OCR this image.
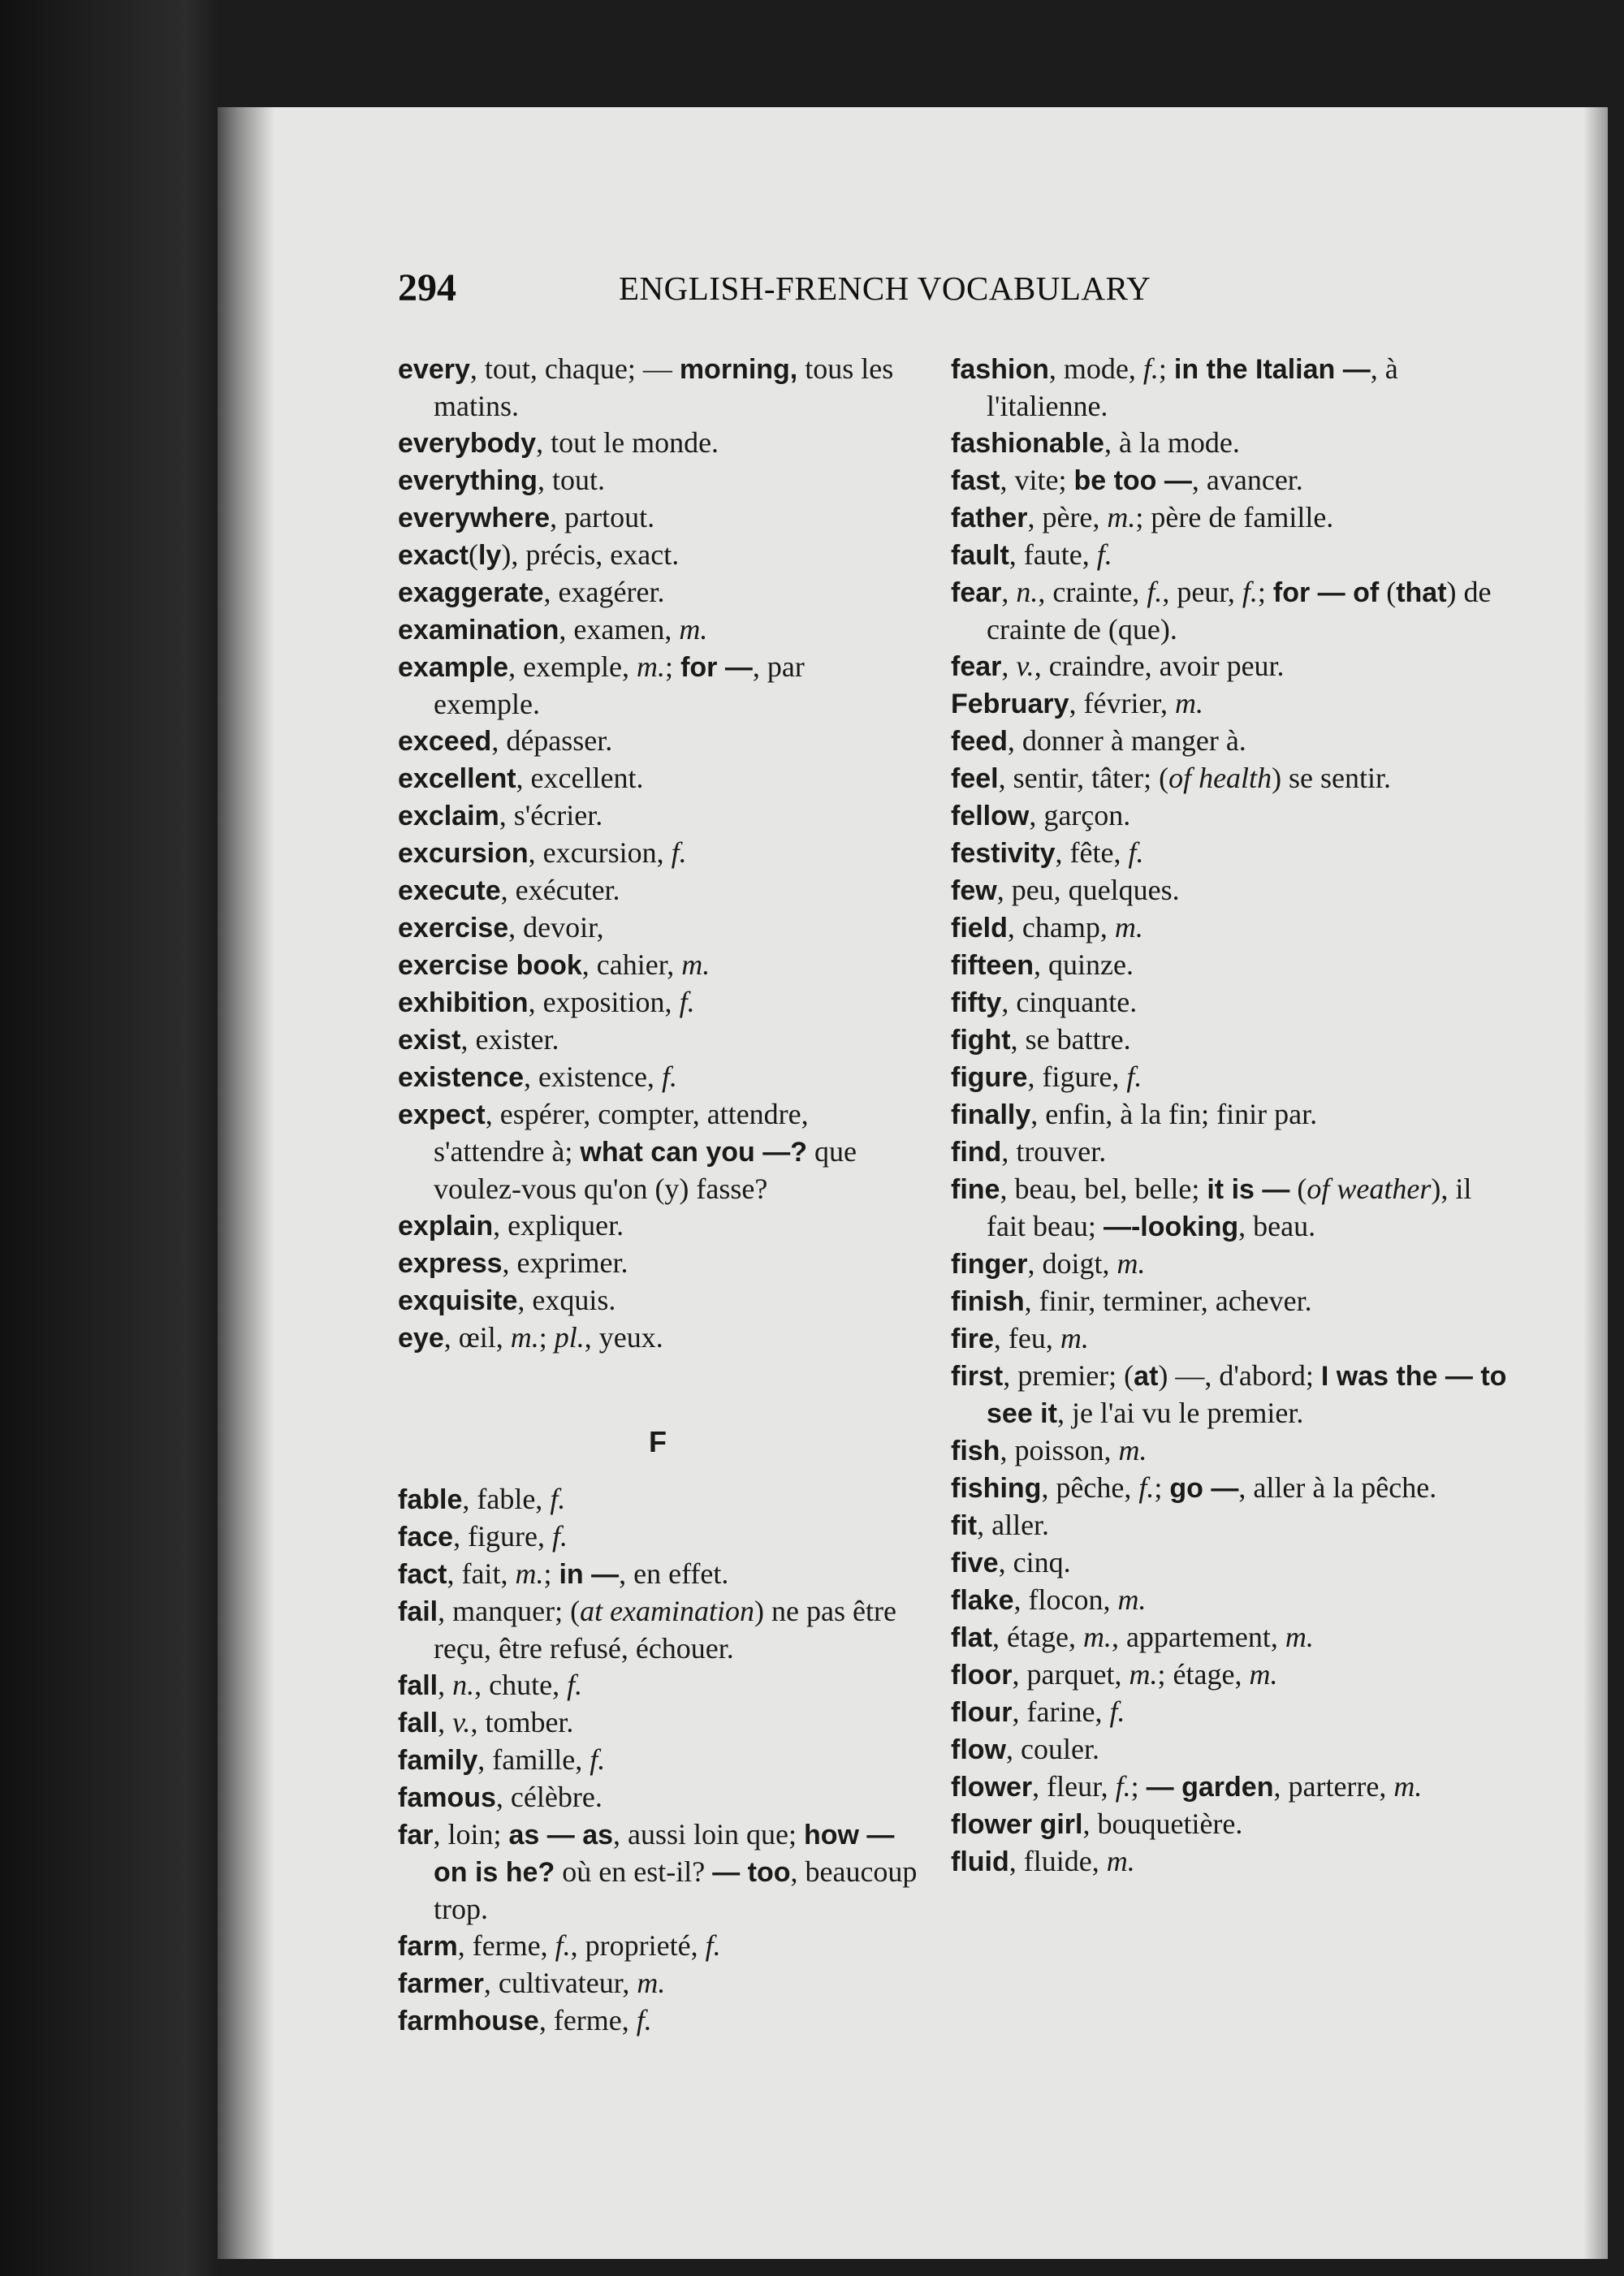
294	ENGLISH-FRENCH VOCABULARY
every, tout, chaque; — morning, tous les matins.
everybody, tout le monde.
everything, tout.
everywhere, partout.
exact(ly), précis, exact.
exaggerate, exagérer.
examination, examen, m.
example, exemple, m.; for —, par exemple.
exceed, dépasser.
excellent, excellent.
exclaim, s'écrier.
excursion, excursion, f.
execute, exécuter.
exercise, devoir,
exercise book, cahier, m.
exhibition, exposition, f.
exist, exister.
existence, existence, f.
expect, espérer, compter, attendre, s'attendre à; what can you —? que voulez-vous qu'on (y) fasse?
explain, expliquer.
express, exprimer.
exquisite, exquis.
eye, œil, m.; pl., yeux.
F
fable, fable, f.
face, figure, f.
fact, fait, m.; in —, en effet.
fail, manquer; (at examination) ne pas être reçu, être refusé, échouer.
fall, n., chute, f.
fall, v., tomber.
family, famille, f.
famous, célèbre.
far, loin; as — as, aussi loin que; how — on is he? où en est-il? — too, beaucoup trop.
farm, ferme, f., proprieté, f.
farmer, cultivateur, m.
farmhouse, ferme, f.
fashion, mode, f.; in the Italian —, à l'italienne.
fashionable, à la mode.
fast, vite; be too —, avancer.
father, père, m.; père de famille.
fault, faute, f.
fear, n., crainte, f., peur, f.; for — of (that) de crainte de (que).
fear, v., craindre, avoir peur.
February, février, m.
feed, donner à manger à.
feel, sentir, tâter; (of health) se sentir.
fellow, garçon.
festivity, fête, f.
few, peu, quelques.
field, champ, m.
fifteen, quinze.
fifty, cinquante.
fight, se battre.
figure, figure, f.
finally, enfin, à la fin; finir par.
find, trouver.
fine, beau, bel, belle; it is — (of weather), il fait beau; —-looking, beau.
finger, doigt, m.
finish, finir, terminer, achever.
fire, feu, m.
first, premier; (at) —, d'abord; I was the — to see it, je l'ai vu le premier.
fish, poisson, m.
fishing, pêche, f.; go —, aller à la pêche.
fit, aller.
five, cinq.
flake, flocon, m.
flat, étage, m., appartement, m.
floor, parquet, m.; étage, m.
flour, farine, f.
flow, couler.
flower, fleur, f.; — garden, parterre, m.
flower girl, bouquetière.
fluid, fluide, m.
